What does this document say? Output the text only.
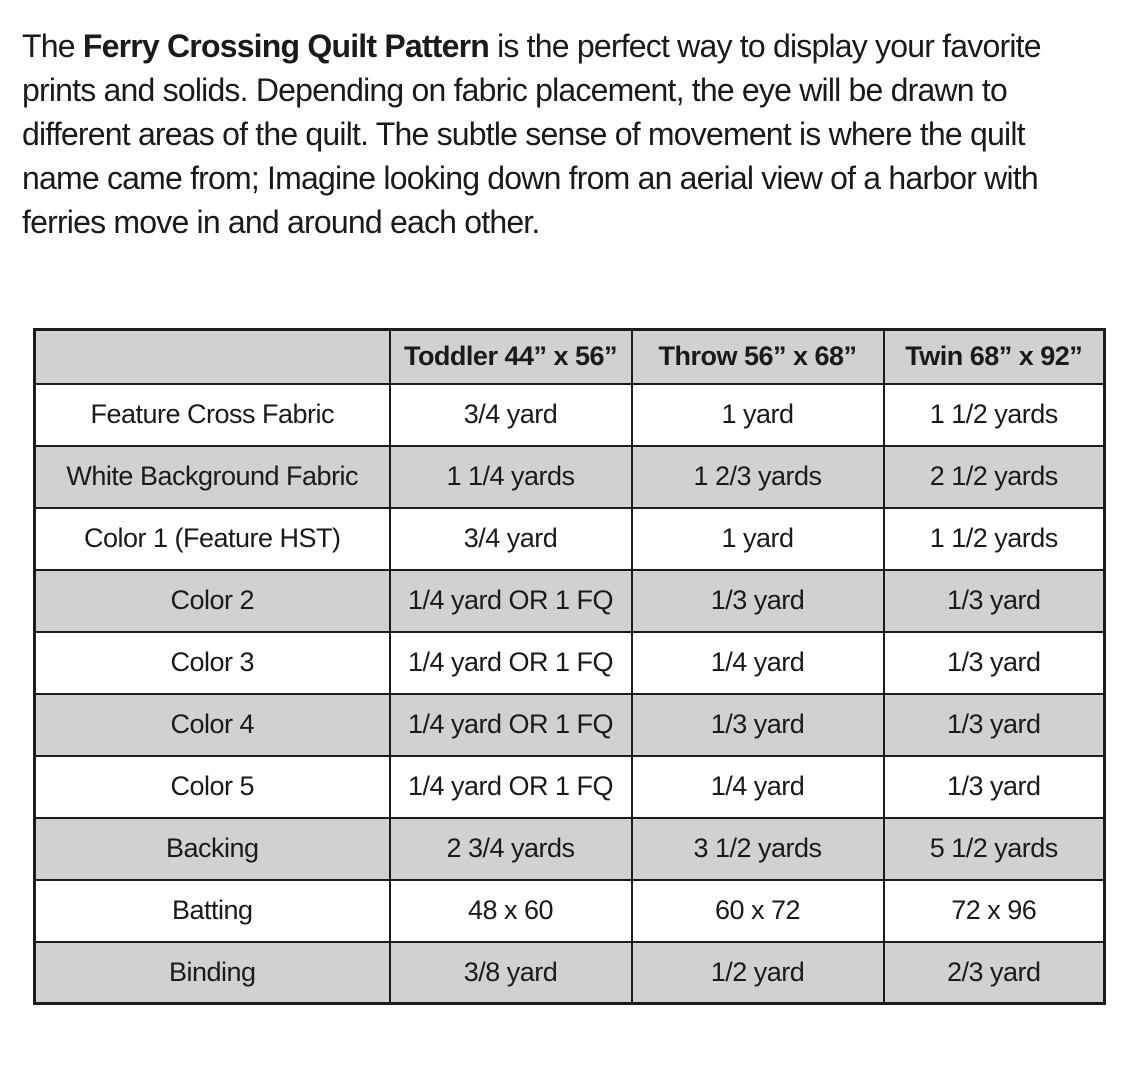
The Ferry Crossing Quilt Pattern is the perfect way to display your favorite prints and solids. Depending on fabric placement, the eye will be drawn to different areas of the quilt. The subtle sense of movement is where the quilt name came from; Imagine looking down from an aerial view of a harbor with ferries move in and around each other.

	Toddler 44” x 56”	Throw 56” x 68”	Twin 68” x 92”
Feature Cross Fabric	3/4 yard	1 yard	1 1/2 yards
White Background Fabric	1 1/4 yards	1 2/3 yards	2 1/2 yards
Color 1 (Feature HST)	3/4 yard	1 yard	1 1/2 yards
Color 2	1/4 yard OR 1 FQ	1/3 yard	1/3 yard
Color 3	1/4 yard OR 1 FQ	1/4 yard	1/3 yard
Color 4	1/4 yard OR 1 FQ	1/3 yard	1/3 yard
Color 5	1/4 yard OR 1 FQ	1/4 yard	1/3 yard
Backing	2 3/4 yards	3 1/2 yards	5 1/2 yards
Batting	48 x 60	60 x 72	72 x 96
Binding	3/8 yard	1/2 yard	2/3 yard
